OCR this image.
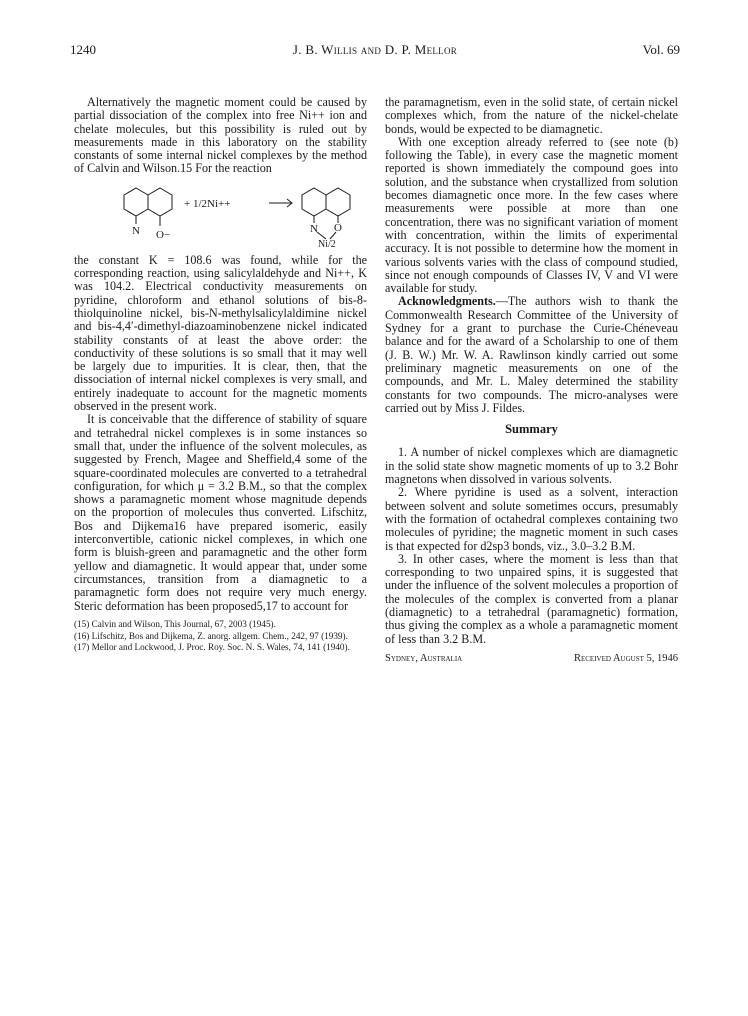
1240	J. B. Willis and D. P. Mellor	Vol. 69

Alternatively the magnetic moment could be caused by partial dissociation of the complex into free Ni++ ion and chelate molecules, but this possibility is ruled out by measurements made in this laboratory on the stability constants of some internal nickel complexes by the method of Calvin and Wilson.15 For the reaction

N O−
+ 1/2Ni++
N O
Ni/2

the constant K = 108.6 was found, while for the corresponding reaction, using salicylaldehyde and Ni++, K was 104.2. Electrical conductivity measurements on pyridine, chloroform and ethanol solutions of bis-8-thiolquinoline nickel, bis-N-methylsalicylaldimine nickel and bis-4,4′-dimethyl-diazoaminobenzene nickel indicated stability constants of at least the above order: the conductivity of these solutions is so small that it may well be largely due to impurities. It is clear, then, that the dissociation of internal nickel complexes is very small, and entirely inadequate to account for the magnetic moments observed in the present work.

It is conceivable that the difference of stability of square and tetrahedral nickel complexes is in some instances so small that, under the influence of the solvent molecules, as suggested by French, Magee and Sheffield,4 some of the square-coordinated molecules are converted to a tetrahedral configuration, for which μ = 3.2 B.M., so that the complex shows a paramagnetic moment whose magnitude depends on the proportion of molecules thus converted. Lifschitz, Bos and Dijkema16 have prepared isomeric, easily interconvertible, cationic nickel complexes, in which one form is bluish-green and paramagnetic and the other form yellow and diamagnetic. It would appear that, under some circumstances, transition from a diamagnetic to a paramagnetic form does not require very much energy. Steric deformation has been proposed5,17 to account for

(15) Calvin and Wilson, This Journal, 67, 2003 (1945).
(16) Lifschitz, Bos and Dijkema, Z. anorg. allgem. Chem., 242, 97 (1939).
(17) Mellor and Lockwood, J. Proc. Roy. Soc. N. S. Wales, 74, 141 (1940).

the paramagnetism, even in the solid state, of certain nickel complexes which, from the nature of the nickel-chelate bonds, would be expected to be diamagnetic.

With one exception already referred to (see note (b) following the Table), in every case the magnetic moment reported is shown immediately the compound goes into solution, and the substance when crystallized from solution becomes diamagnetic once more. In the few cases where measurements were possible at more than one concentration, there was no significant variation of moment with concentration, within the limits of experimental accuracy. It is not possible to determine how the moment in various solvents varies with the class of compound studied, since not enough compounds of Classes IV, V and VI were available for study.

Acknowledgments.—The authors wish to thank the Commonwealth Research Committee of the University of Sydney for a grant to purchase the Curie-Chéneveau balance and for the award of a Scholarship to one of them (J. B. W.) Mr. W. A. Rawlinson kindly carried out some preliminary magnetic measurements on one of the compounds, and Mr. L. Maley determined the stability constants for two compounds. The micro-analyses were carried out by Miss J. Fildes.

Summary

1. A number of nickel complexes which are diamagnetic in the solid state show magnetic moments of up to 3.2 Bohr magnetons when dissolved in various solvents.

2. Where pyridine is used as a solvent, interaction between solvent and solute sometimes occurs, presumably with the formation of octahedral complexes containing two molecules of pyridine; the magnetic moment in such cases is that expected for d2sp3 bonds, viz., 3.0–3.2 B.M.

3. In other cases, where the moment is less than that corresponding to two unpaired spins, it is suggested that under the influence of the solvent molecules a proportion of the molecules of the complex is converted from a planar (diamagnetic) to a tetrahedral (paramagnetic) formation, thus giving the complex as a whole a paramagnetic moment of less than 3.2 B.M.

Sydney, Australia	Received August 5, 1946
